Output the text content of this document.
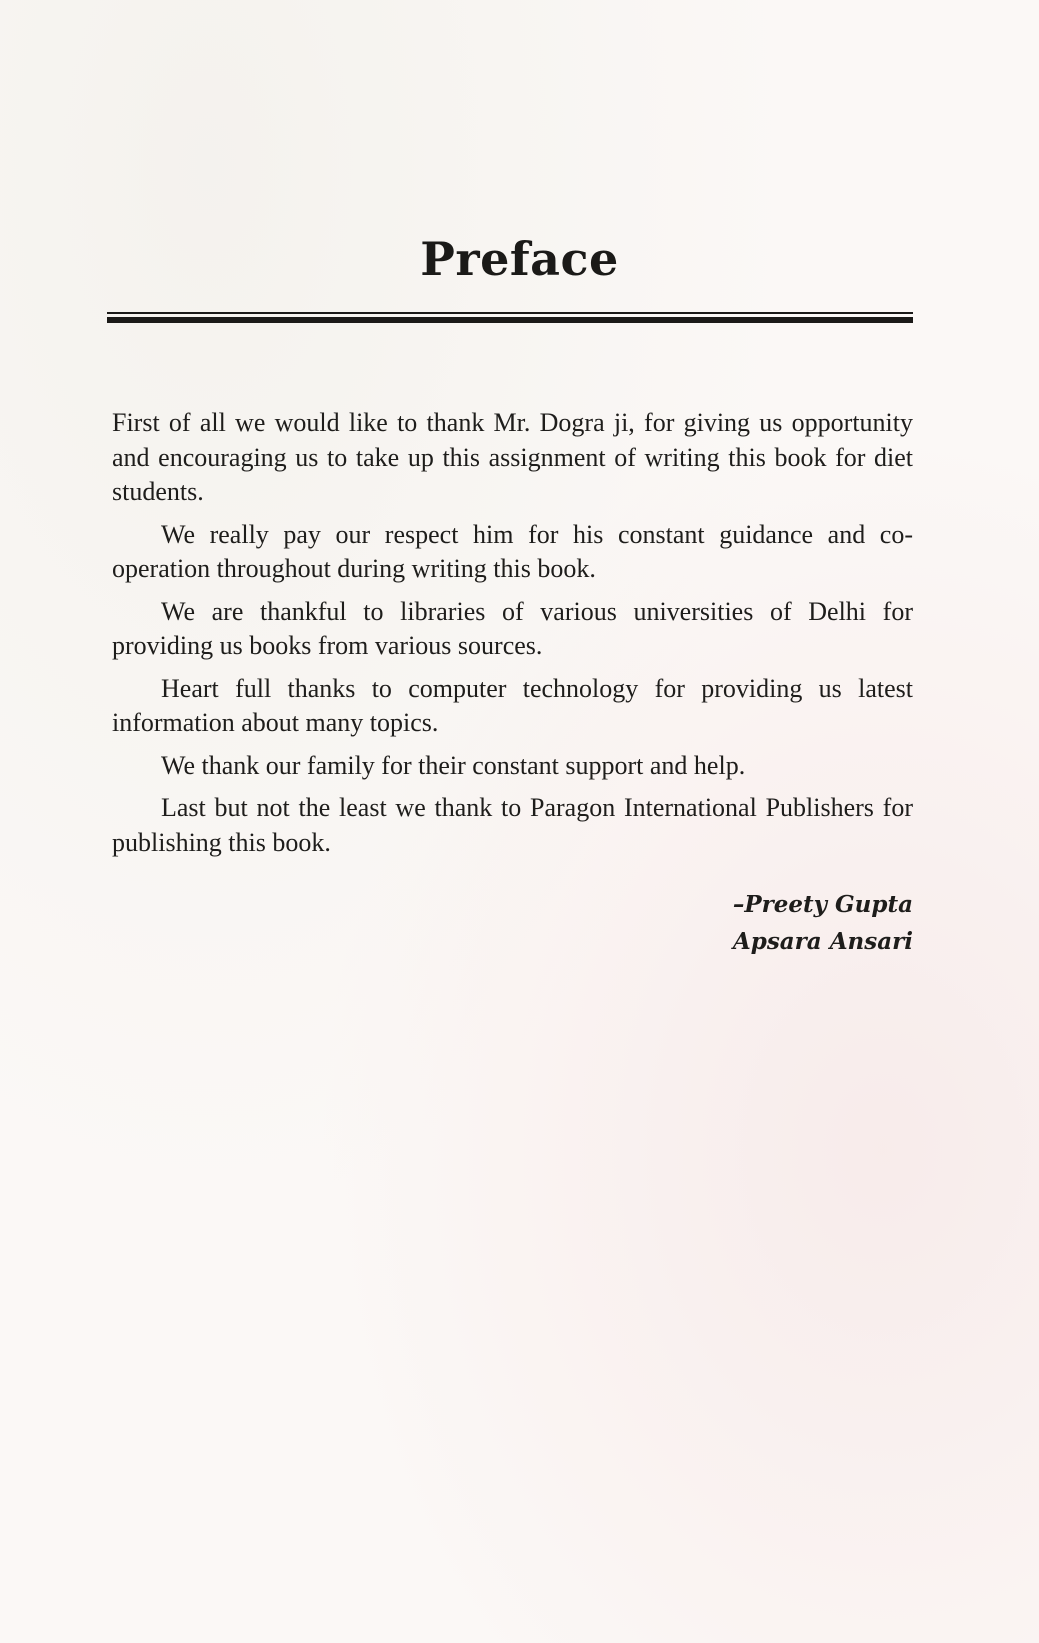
Preface

First of all we would like to thank Mr. Dogra ji, for giving us opportunity and encouraging us to take up this assignment of writing this book for diet students.

We really pay our respect him for his constant guidance and co-operation throughout during writing this book.

We are thankful to libraries of various universities of Delhi for providing us books from various sources.

Heart full thanks to computer technology for providing us latest information about many topics.

We thank our family for their constant support and help.

Last but not the least we thank to Paragon International Publishers for publishing this book.

–Preety Gupta
Apsara Ansari
